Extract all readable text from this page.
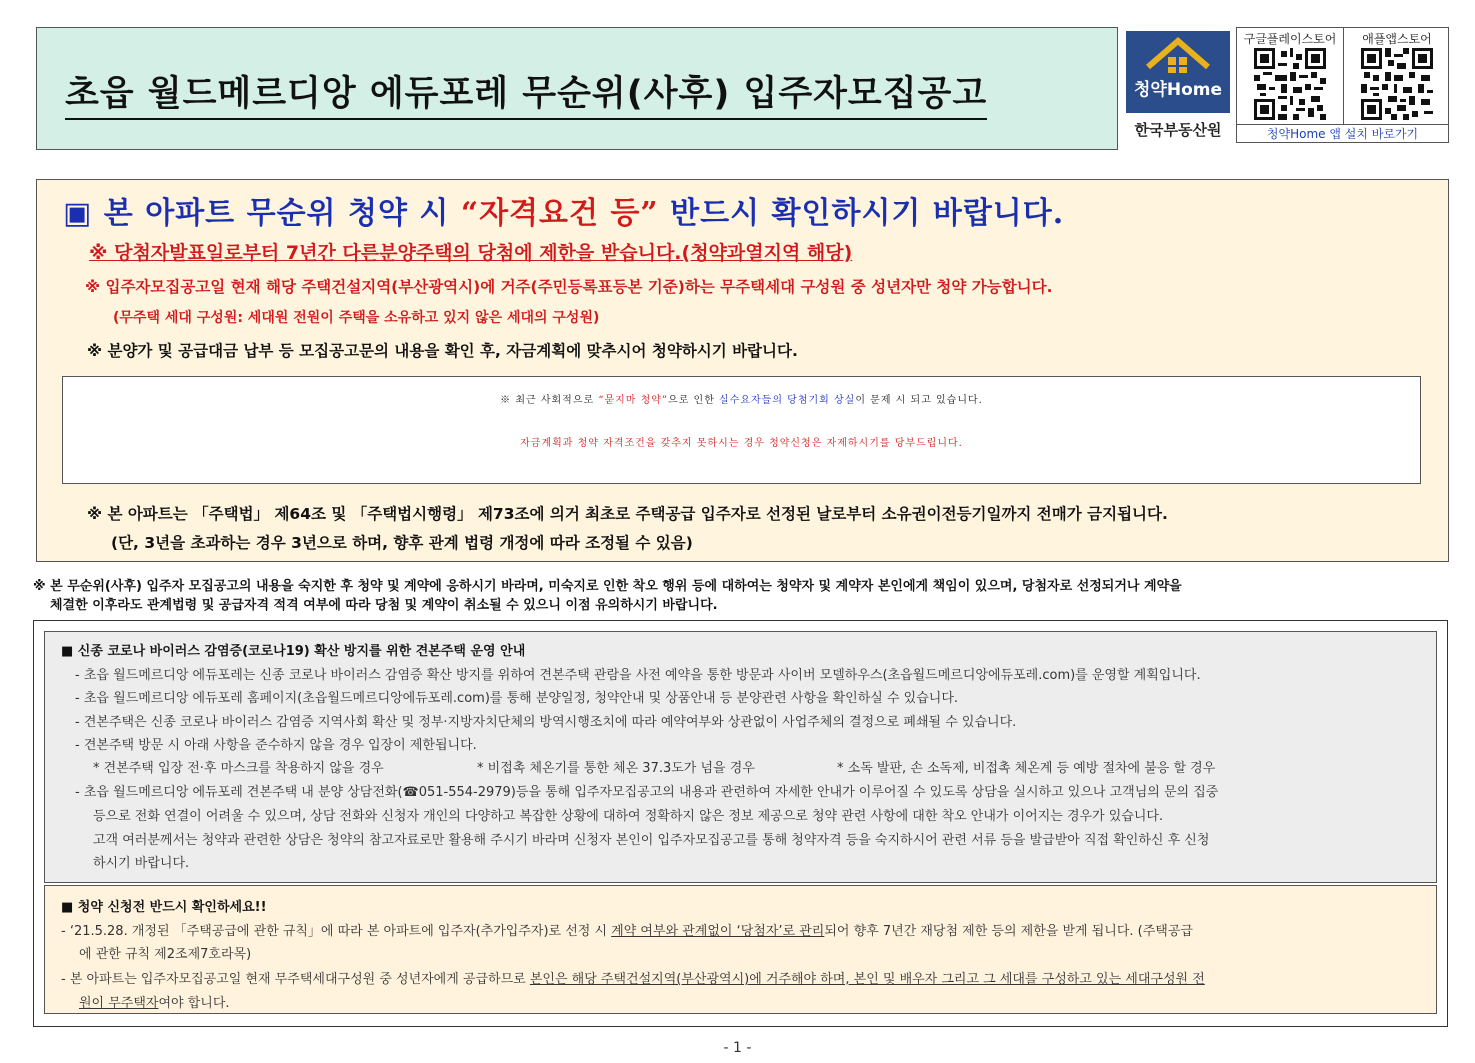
초읍 월드메르디앙 에듀포레 무순위(사후) 입주자모집공고	청약Home
한국부동산원
구글플레이스토어	애플앱스토어
청약Home 앱 설치 바로가기
▣ 본 아파트 무순위 청약 시 “자격요건 등” 반드시 확인하시기 바랍니다.
※ 당첨자발표일로부터 7년간 다른분양주택의 당첨에 제한을 받습니다.(청약과열지역 해당)
※ 입주자모집공고일 현재 해당 주택건설지역(부산광역시)에 거주(주민등록표등본 기준)하는 무주택세대 구성원 중 성년자만 청약 가능합니다.
(무주택 세대 구성원: 세대원 전원이 주택을 소유하고 있지 않은 세대의 구성원)
※ 분양가 및 공급대금 납부 등 모집공고문의 내용을 확인 후, 자금계획에 맞추시어 청약하시기 바랍니다.
※ 최근 사회적으로 “묻지마 청약”으로 인한 실수요자들의 당첨기회 상실이 문제 시 되고 있습니다.
자금계획과 청약 자격조건을 갖추지 못하시는 경우 청약신청은 자제하시기를 당부드립니다.
※ 본 아파트는 「주택법」 제64조 및 「주택법시행령」 제73조에 의거 최초로 주택공급 입주자로 선정된 날로부터 소유권이전등기일까지 전매가 금지됩니다.
(단, 3년을 초과하는 경우 3년으로 하며, 향후 관계 법령 개정에 따라 조정될 수 있음)
※ 본 무순위(사후) 입주자 모집공고의 내용을 숙지한 후 청약 및 계약에 응하시기 바라며, 미숙지로 인한 착오 행위 등에 대하여는 청약자 및 계약자 본인에게 책임이 있으며, 당첨자로 선정되거나 계약을
체결한 이후라도 관계법령 및 공급자격 적격 여부에 따라 당첨 및 계약이 취소될 수 있으니 이점 유의하시기 바랍니다.
■ 신종 코로나 바이러스 감염증(코로나19) 확산 방지를 위한 견본주택 운영 안내
- 초읍 월드메르디앙 에듀포레는 신종 코로나 바이러스 감염증 확산 방지를 위하여 견본주택 관람을 사전 예약을 통한 방문과 사이버 모델하우스(초읍월드메르디앙에듀포레.com)를 운영할 계획입니다.
- 초읍 월드메르디앙 에듀포레 홈페이지(초읍월드메르디앙에듀포레.com)를 통해 분양일정, 청약안내 및 상품안내 등 분양관련 사항을 확인하실 수 있습니다.
- 견본주택은 신종 코로나 바이러스 감염증 지역사회 확산 및 정부·지방자치단체의 방역시행조치에 따라 예약여부와 상관없이 사업주체의 결정으로 폐쇄될 수 있습니다.
- 견본주택 방문 시 아래 사항을 준수하지 않을 경우 입장이 제한됩니다.
* 견본주택 입장 전·후 마스크를 착용하지 않을 경우	* 비접촉 체온기를 통한 체온 37.3도가 넘을 경우	* 소독 발판, 손 소독제, 비접촉 체온계 등 예방 절차에 불응 할 경우
- 초읍 월드메르디앙 에듀포레 견본주택 내 분양 상담전화(☎051-554-2979)등을 통해 입주자모집공고의 내용과 관련하여 자세한 안내가 이루어질 수 있도록 상담을 실시하고 있으나 고객님의 문의 집중
등으로 전화 연결이 어려울 수 있으며, 상담 전화와 신청자 개인의 다양하고 복잡한 상황에 대하여 정확하지 않은 정보 제공으로 청약 관련 사항에 대한 착오 안내가 이어지는 경우가 있습니다.
고객 여러분께서는 청약과 관련한 상담은 청약의 참고자료로만 활용해 주시기 바라며 신청자 본인이 입주자모집공고를 통해 청약자격 등을 숙지하시어 관련 서류 등을 발급받아 직접 확인하신 후 신청
하시기 바랍니다.
■ 청약 신청전 반드시 확인하세요!!
- ‘21.5.28. 개정된 「주택공급에 관한 규칙」에 따라 본 아파트에 입주자(추가입주자)로 선정 시 계약 여부와 관계없이 ‘당첨자’로 관리되어 향후 7년간 재당첨 제한 등의 제한을 받게 됩니다. (주택공급
에 관한 규칙 제2조제7호라목)
- 본 아파트는 입주자모집공고일 현재 무주택세대구성원 중 성년자에게 공급하므로 본인은 해당 주택건설지역(부산광역시)에 거주해야 하며, 본인 및 배우자 그리고 그 세대를 구성하고 있는 세대구성원 전
원이 무주택자여야 합니다.
- 1 -
